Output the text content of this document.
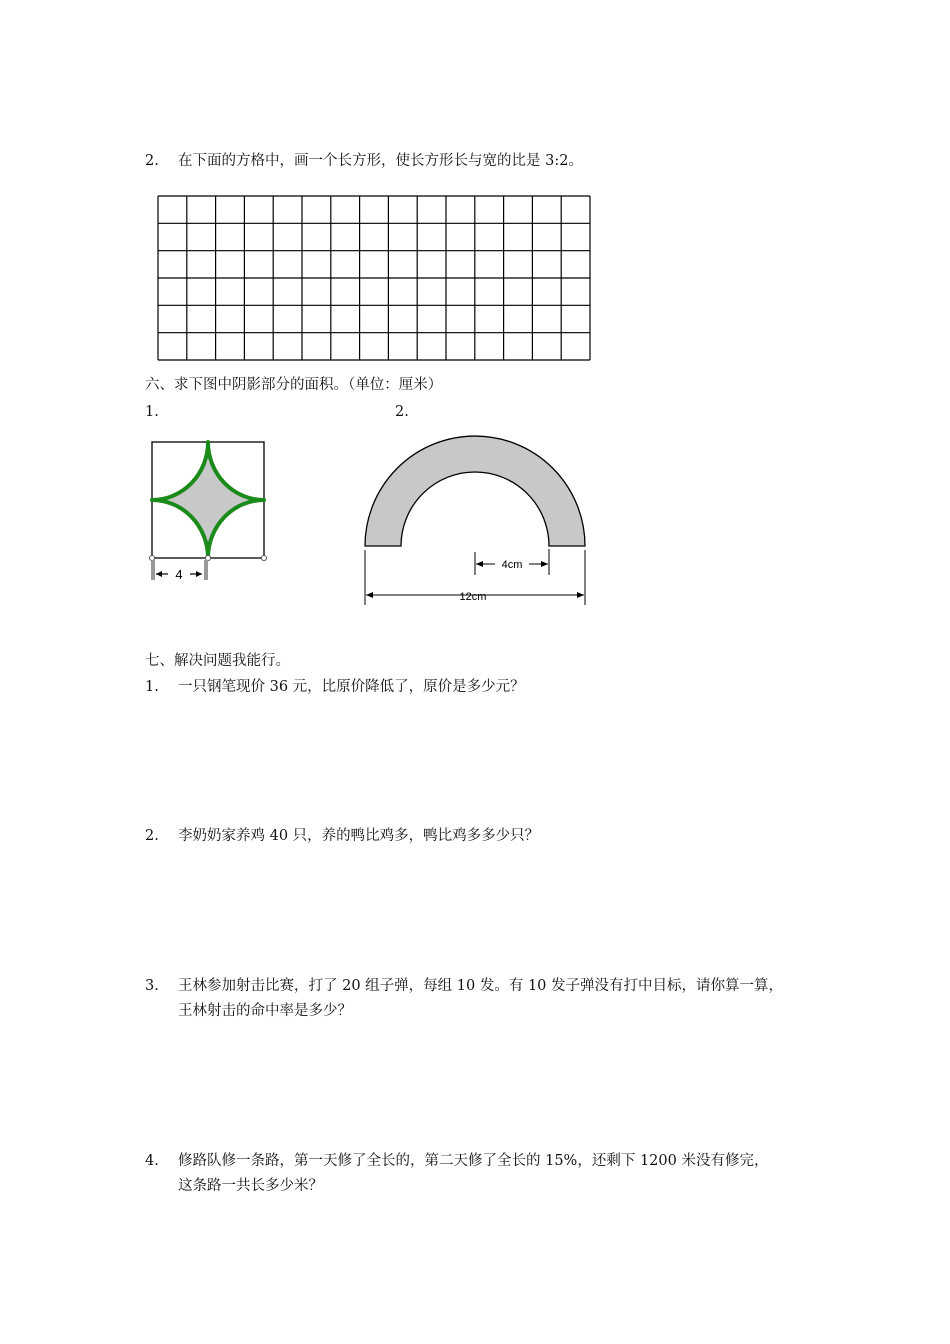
2. 在下面的方格中，画一个长方形，使长方形长与宽的比是 3:2。
六、求下图中阴影部分的面积。（单位：厘米）
1.	2.
4
4cm
12cm
七、解决问题我能行。
1. 一只钢笔现价 36 元，比原价降低了，原价是多少元？
2. 李奶奶家养鸡 40 只，养的鸭比鸡多，鸭比鸡多多少只？
3. 王林参加射击比赛，打了 20 组子弹，每组 10 发。有 10 发子弹没有打中目标，请你算一算，
王林射击的命中率是多少？
4. 修路队修一条路，第一天修了全长的，第二天修了全长的 15%，还剩下 1200 米没有修完，
这条路一共长多少米？
